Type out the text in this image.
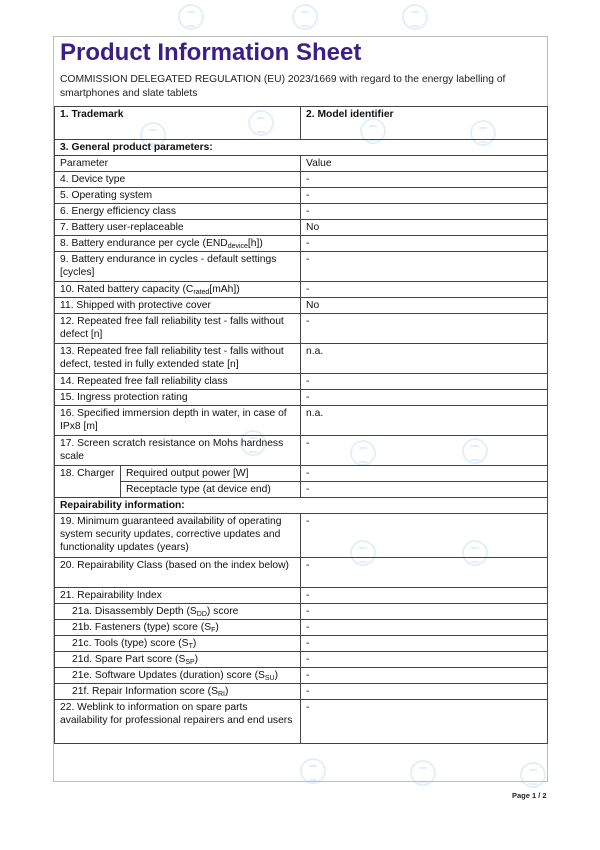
Product Information Sheet
COMMISSION DELEGATED REGULATION (EU) 2023/1669 with regard to the energy labelling of smartphones and slate tablets
1. Trademark		2. Model identifier
3. General product parameters:		
Parameter		Value
4. Device type		-
5. Operating system		-
6. Energy efficiency class		-
7. Battery user-replaceable		No
8. Battery endurance per cycle $(END_{device}[h])$		-
9. Battery endurance in cycles - default settings [cycles]		-
10. Rated battery capacity $(C_{rated}[mAh])$		-
11. Shipped with protective cover		No
12. Repeated free fall reliability test - falls without defect [n]		-
13. Repeated free fall reliability test - falls without defect, tested in fully extended state [n]		n.a.
14. Repeated free fall reliability class		-
15. Ingress protection rating		-
16. Specified immersion depth in water, in case of IPx8 [m]		n.a.
17. Screen scratch resistance on Mohs hardness scale		-
18. Charger	Required output power [W]	-
	Receptacle type (at device end)	-
Repairability information:		
19. Minimum guaranteed availability of operating system security updates, corrective updates and functionality updates (years)		-
20. Repairability Class (based on the index below)		-
21. Repairability Index		-
21a. Disassembly Depth $(S_{DD})$ score		-
21b. Fasteners (type) score $(S_F)$		-
21c. Tools (type) score $(S_T)$		-
21d. Spare Part score $(S_{SP})$		-
21e. Software Updates (duration) score $(S_{SU})$		-
21f. Repair Information score $(S_{RI})$		-
22. Weblink to information on spare parts availability for professional repairers and end users		-
Page 1 / 2
